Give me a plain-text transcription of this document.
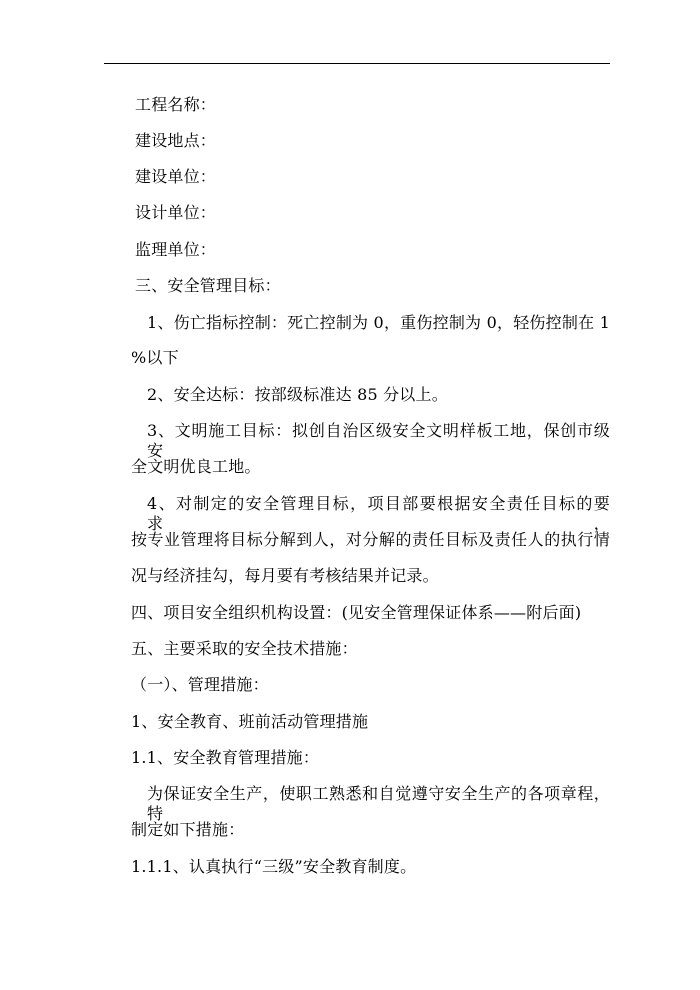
工程名称：
建设地点：
建设单位：
设计单位：
监理单位：
三、安全管理目标：
1、伤亡指标控制：死亡控制为 0，重伤控制为 0，轻伤控制在 1
%以下
2、安全达标：按部级标准达 85 分以上。
3、文明施工目标：拟创自治区级安全文明样板工地，保创市级安
全文明优良工地。
4、对制定的安全管理目标，项目部要根据安全责任目标的要求，
按专业管理将目标分解到人，对分解的责任目标及责任人的执行情
况与经济挂勾，每月要有考核结果并记录。
四、项目安全组织机构设置：(见安全管理保证体系——附后面)
五、主要采取的安全技术措施：
（一）、管理措施：
1、安全教育、班前活动管理措施
1.1、安全教育管理措施：
为保证安全生产，使职工熟悉和自觉遵守安全生产的各项章程，特
制定如下措施：
1.1.1、认真执行“三级”安全教育制度。
